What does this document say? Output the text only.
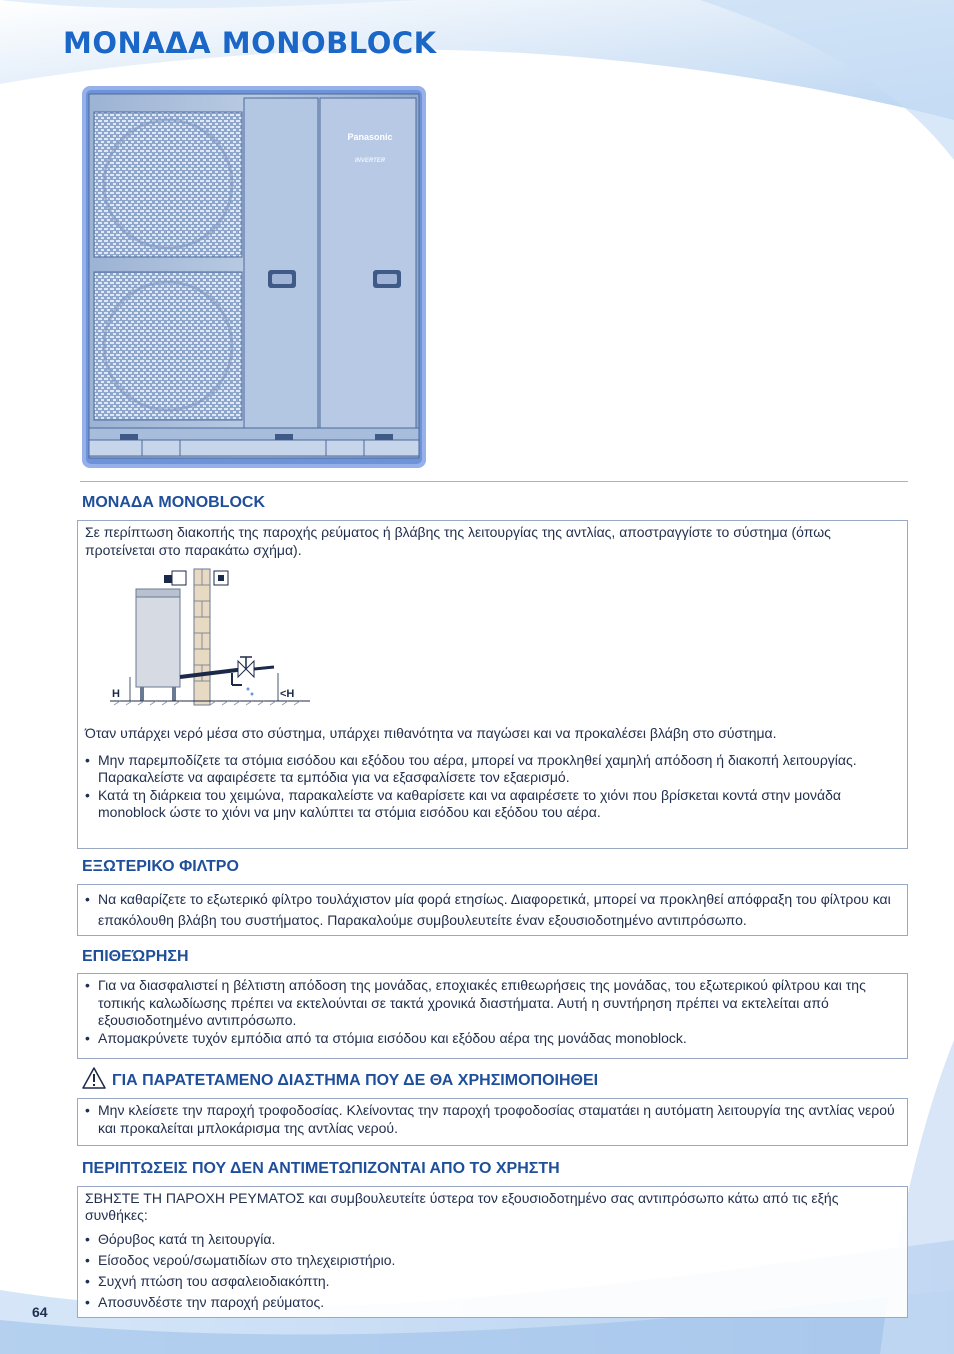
ΜΟΝΑΔΑ MONOBLOCK
Panasonic
INVERTER
ΜΟΝΑΔΑ MONOBLOCK

Σε περίπτωση διακοπής της παροχής ρεύματος ή βλάβης της λειτουργίας της αντλίας, αποστραγγίστε το σύστημα (όπως προτείνεται στο παρακάτω σχήμα).

H	<H

Όταν υπάρχει νερό μέσα στο σύστημα, υπάρχει πιθανότητα να παγώσει και να προκαλέσει βλάβη στο σύστημα.

• Μην παρεμποδίζετε τα στόμια εισόδου και εξόδου του αέρα, μπορεί να προκληθεί χαμηλή απόδοση ή διακοπή λειτουργίας. Παρακαλείστε να αφαιρέσετε τα εμπόδια για να εξασφαλίσετε τον εξαερισμό.
• Κατά τη διάρκεια του χειμώνα, παρακαλείστε να καθαρίσετε και να αφαιρέσετε το χιόνι που βρίσκεται κοντά στην μονάδα monoblock ώστε το χιόνι να μην καλύπτει τα στόμια εισόδου και εξόδου του αέρα.
ΕΞΩΤΕΡΙΚΟ ΦΙΛΤΡΟ
• Να καθαρίζετε το εξωτερικό φίλτρο τουλάχιστον μία φορά ετησίως. Διαφορετικά, μπορεί να προκληθεί απόφραξη του φίλτρου και επακόλουθη βλάβη του συστήματος. Παρακαλούμε συμβουλευτείτε έναν εξουσιοδοτημένο αντιπρόσωπο.
ΕΠΙΘΕΏΡΗΣΗ
• Για να διασφαλιστεί η βέλτιστη απόδοση της μονάδας, εποχιακές επιθεωρήσεις της μονάδας, του εξωτερικού φίλτρου και της τοπικής καλωδίωσης πρέπει να εκτελούνται σε τακτά χρονικά διαστήματα. Αυτή η συντήρηση πρέπει να εκτελείται από εξουσιοδοτημένο αντιπρόσωπο.
• Απομακρύνετε τυχόν εμπόδια από τα στόμια εισόδου και εξόδου αέρα της μονάδας monoblock.
ΓΙΑ ΠΑΡΑΤΕΤΑΜΕΝΟ ΔΙΑΣΤΗΜΑ ΠΟΥ ΔΕ ΘΑ ΧΡΗΣΙΜΟΠΟΙΗΘΕΙ
• Μην κλείσετε την παροχή τροφοδοσίας. Κλείνοντας την παροχή τροφοδοσίας σταματάει η αυτόματη λειτουργία της αντλίας νερού και προκαλείται μπλοκάρισμα της αντλίας νερού.
ΠΕΡΙΠΤΩΣΕΙΣ ΠΟΥ ΔΕΝ ΑΝΤΙΜΕΤΩΠΙΖΟΝΤΑΙ ΑΠΟ ΤΟ ΧΡΗΣΤΗ

ΣΒΗΣΤΕ ΤΗ ΠΑΡΟΧΗ ΡΕΥΜΑΤΟΣ και συμβουλευτείτε ύστερα τον εξουσιοδοτημένο σας αντιπρόσωπο κάτω από τις εξής συνθήκες:

• Θόρυβος κατά τη λειτουργία.
• Είσοδος νερού/σωματιδίων στο τηλεχειριστήριο.
• Συχνή πτώση του ασφαλειοδιακόπτη.
• Αποσυνδέστε την παροχή ρεύματος.
64
